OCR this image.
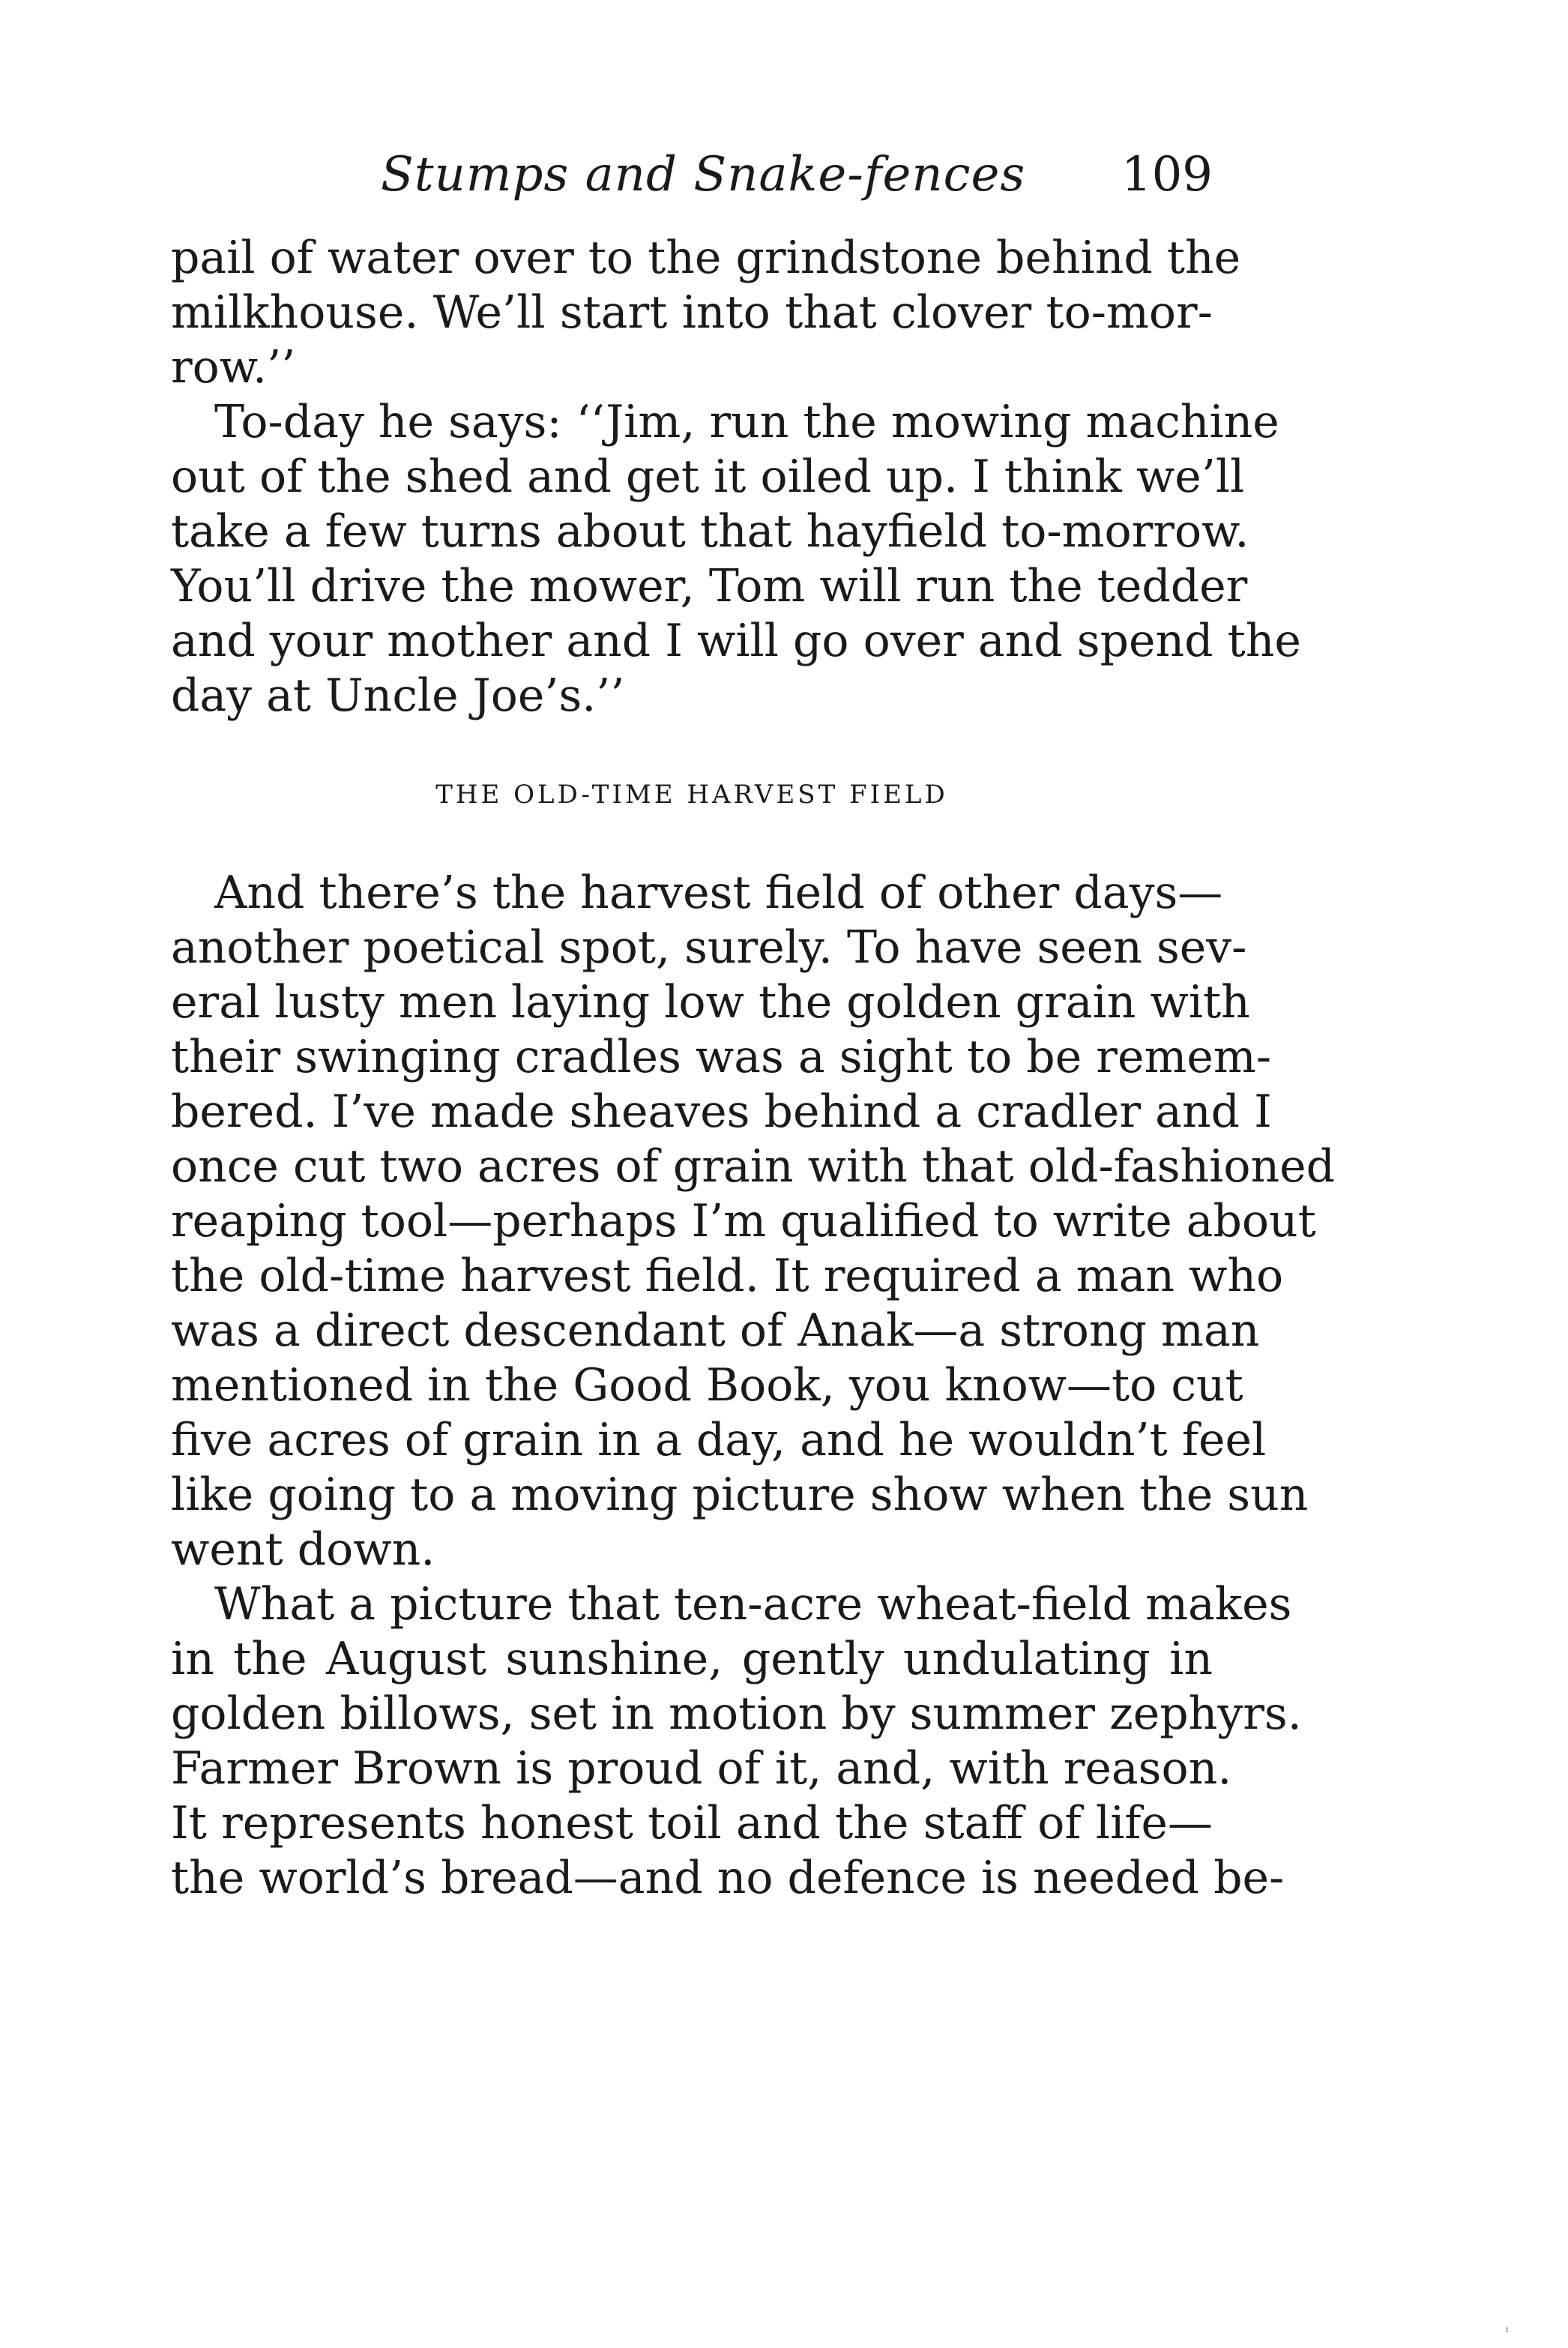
Stumps and Snake-fences 109
pail of water over to the grindstone behind the
milkhouse. We’ll start into that clover to-mor-
row.’’
To-day he says: ‘‘Jim, run the mowing machine
out of the shed and get it oiled up. I think we’ll
take a few turns about that hayfield to-morrow.
You’ll drive the mower, Tom will run the tedder
and your mother and I will go over and spend the
day at Uncle Joe’s.’’
THE OLD-TIME HARVEST FIELD
And there’s the harvest field of other days—
another poetical spot, surely. To have seen sev-
eral lusty men laying low the golden grain with
their swinging cradles was a sight to be remem-
bered. I’ve made sheaves behind a cradler and I
once cut two acres of grain with that old-fashioned
reaping tool—perhaps I’m qualified to write about
the old-time harvest field. It required a man who
was a direct descendant of Anak—a strong man
mentioned in the Good Book, you know—to cut
five acres of grain in a day, and he wouldn’t feel
like going to a moving picture show when the sun
went down.
What a picture that ten-acre wheat-field makes
in the August sunshine, gently undulating in
golden billows, set in motion by summer zephyrs.
Farmer Brown is proud of it, and, with reason.
It represents honest toil and the staff of life—
the world’s bread—and no defence is needed be-
· ·
